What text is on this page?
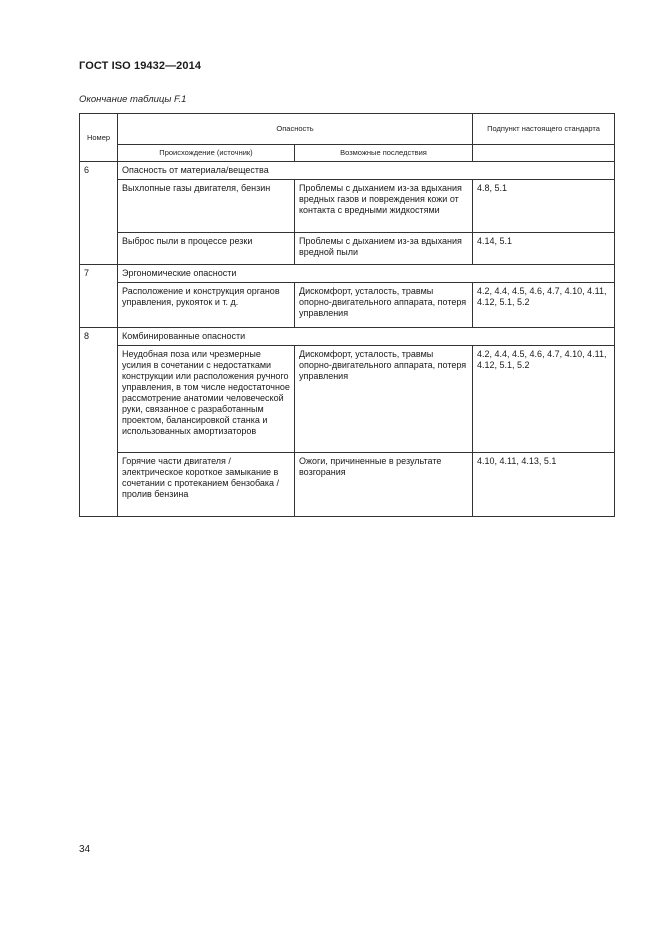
ГОСТ ISO 19432—2014
Окончание таблицы F.1
Номер	Опасность		Подпункт настоящего стандарта
	Происхождение (источник)	Возможные последствия	
6	Опасность от материала/вещества		
	Выхлопные газы двигателя, бензин	Проблемы с дыханием из-за вдыхания вредных газов и повреждения кожи от контакта с вредными жидкостями	4.8, 5.1
	Выброс пыли в процессе резки	Проблемы с дыханием из-за вдыхания вредной пыли	4.14, 5.1
7	Эргономические опасности		
	Расположение и конструкция органов управления, рукояток и т. д.	Дискомфорт, усталость, травмы опорно-двигательного аппарата, потеря управления	4.2, 4.4, 4.5, 4.6, 4.7, 4.10, 4.11, 4.12, 5.1, 5.2
8	Комбинированные опасности		
	Неудобная поза или чрезмерные усилия в сочетании с недостатками конструкции или расположения ручного управления, в том числе недостаточное рассмотрение анатомии человеческой руки, связанное с разработанным проектом, балансировкой станка и использованных амортизаторов	Дискомфорт, усталость, травмы опорно-двигательного аппарата, потеря управления	4.2, 4.4, 4.5, 4.6, 4.7, 4.10, 4.11, 4.12, 5.1, 5.2
	Горячие части двигателя / электрическое короткое замыкание в сочетании с протеканием бензобака / пролив бензина	Ожоги, причиненные в результате возгорания	4.10, 4.11, 4.13, 5.1
34
